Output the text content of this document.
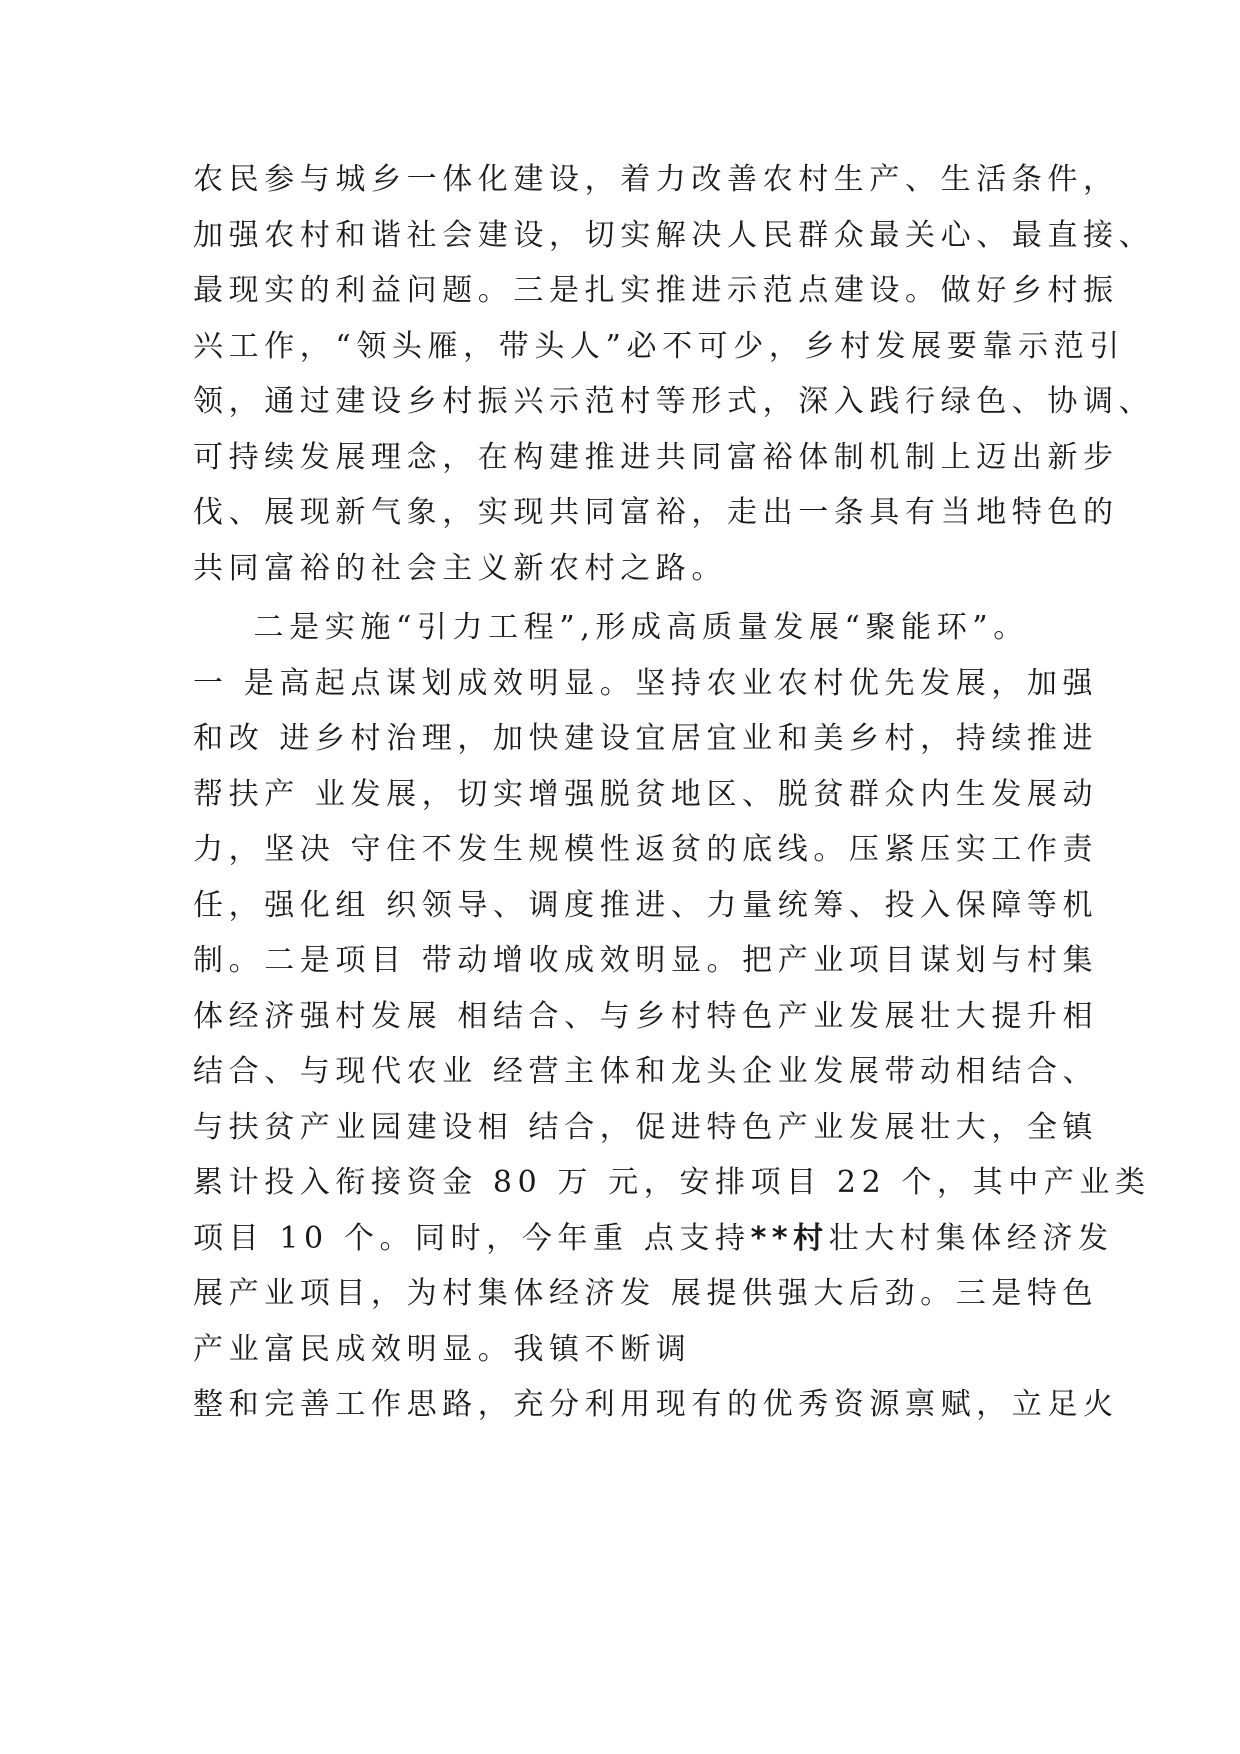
农民参与城乡一体化建设，着力改善农村生产、生活条件，
加强农村和谐社会建设，切实解决人民群众最关心、最直接、
最现实的利益问题。三是扎实推进示范点建设。做好乡村振
兴工作，“领头雁，带头人”必不可少，乡村发展要靠示范引
领，通过建设乡村振兴示范村等形式，深入践行绿色、协调、
可持续发展理念，在构建推进共同富裕体制机制上迈出新步
伐、展现新气象，实现共同富裕，走出一条具有当地特色的
共同富裕的社会主义新农村之路。
二是实施“引力工程”,形成高质量发展“聚能环”。
一 是高起点谋划成效明显。坚持农业农村优先发展，加强
和改 进乡村治理，加快建设宜居宜业和美乡村，持续推进
帮扶产 业发展，切实增强脱贫地区、脱贫群众内生发展动
力，坚决 守住不发生规模性返贫的底线。压紧压实工作责
任，强化组 织领导、调度推进、力量统筹、投入保障等机
制。二是项目 带动增收成效明显。把产业项目谋划与村集
体经济强村发展 相结合、与乡村特色产业发展壮大提升相
结合、与现代农业 经营主体和龙头企业发展带动相结合、
与扶贫产业园建设相 结合，促进特色产业发展壮大，全镇
累计投入衔接资金 80 万 元，安排项目 22 个，其中产业类
项目 10 个。同时，今年重 点支持**村壮大村集体经济发
展产业项目，为村集体经济发 展提供强大后劲。三是特色
产业富民成效明显。我镇不断调
整和完善工作思路，充分利用现有的优秀资源禀赋，立足火
